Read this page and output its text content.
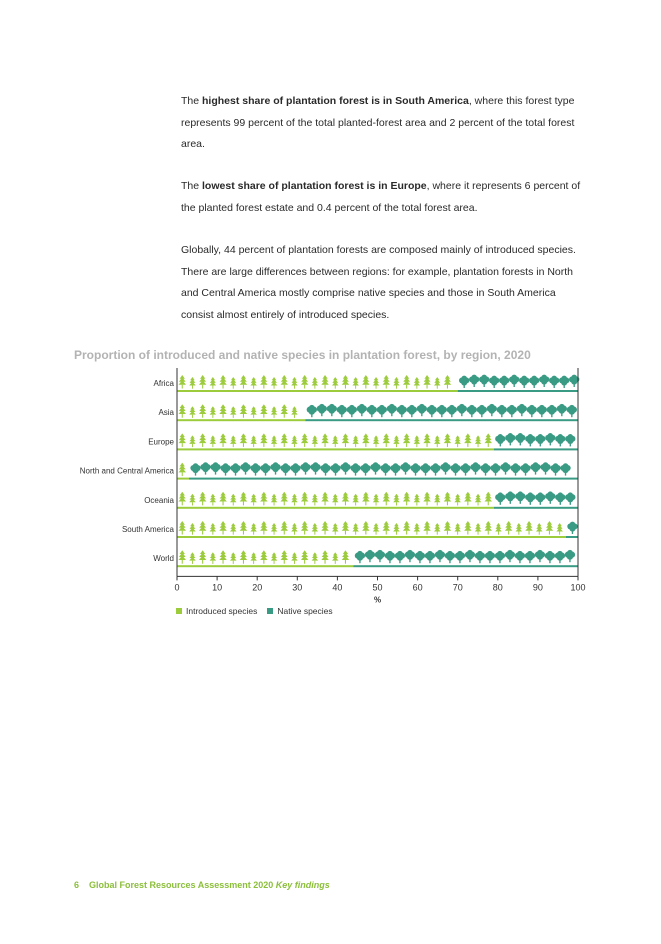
The highest share of plantation forest is in South America, where this forest type represents 99 percent of the total planted-forest area and 2 percent of the total forest area.

The lowest share of plantation forest is in Europe, where it represents 6 percent of the planted forest estate and 0.4 percent of the total forest area.

Globally, 44 percent of plantation forests are composed mainly of introduced species. There are large differences between regions: for example, plantation forests in North and Central America mostly comprise native species and those in South America consist almost entirely of introduced species.

Proportion of introduced and native species in plantation forest, by region, 2020
Africa
Asia
Europe
North and Central America
Oceania
South America
World
0	10	20	30	40	50	60	70	80	90	100
%
Introduced species Native species
6 Global Forest Resources Assessment 2020 Key findings
